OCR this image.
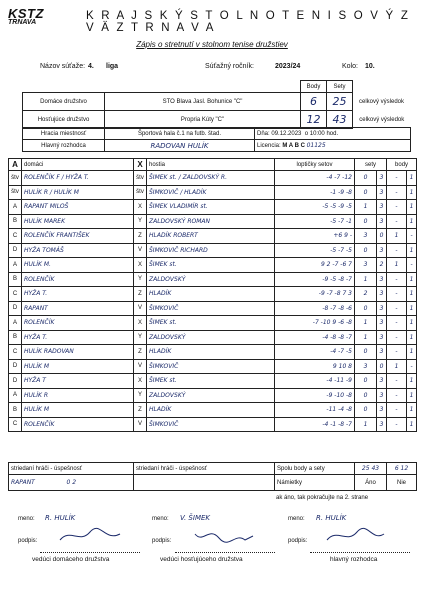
KSTZ
TRNAVA
K R A J S K Ý S T O L N O T E N I S O V Ý Z V Ä Z T R N A V A
Zápis o stretnutí v stolnom tenise družstiev
Názov súťaže: 4. liga	Súťažný ročník:	2023/24	Kolo: 10.
		Body	Sety	
Domáce družstvo	STO Blava Jasl. Bohunice "C"	6	25	celkový výsledok
Hosťujúce družstvo	Propria Kúty "C"	12	43	celkový výsledok
Hracia miestnosť	Športová hala č.1 na futb. štad.	Dňa: 09.12.2023 o 10:00 hod.
Hlavný rozhodca	RADOVAN HULÍK	Licencia: M A B C 01125
A	domáci	X	hostia	loptičky setov	sety		body	
štv	ROLENČÍK F / HYŽA T.	štv	ŠIMEK st. / ZALDOVSKÝ R.	-4 -7 -12	0	3	-	1
štv	HULÍK R / HULÍK M	štv	ŠIMKOVIČ / HLADÍK	-1 -9 -8	0	3	-	1
A	RAPANT MILOŠ	X	ŠIMEK VLADIMÍR st.	-5 -5 -9 -5	1	3	-	1
B	HULÍK MAREK	Y	ZALDOVSKÝ ROMAN	-5 -7 -1	0	3	-	1
C	ROLENČÍK FRANTIŠEK	Z	HLADÍK ROBERT	+6 9 -	3	0	1	-
D	HYŽA TOMÁŠ	V	ŠIMKOVIČ RICHARD	-5 -7 -5	0	3	-	1
A	HULÍK M.	X	ŠIMEK st.	9 2 -7 -6 7	3	2	1	-
B	ROLENČÍK	Y	ZALDOVSKÝ	-9 -5 -8 -7	1	3	-	1
C	HYŽA T.	Z	HLADÍK	-9 -7 -8 7 3	2	3	-	1
D	RAPANT	V	ŠIMKOVIČ	-8 -7 -8 -6	0	3	-	1
A	ROLENČÍK	X	ŠIMEK st.	-7 -10 9 -6 -8	1	3	-	1
B	HYŽA T.	Y	ZALDOVSKÝ	-4 -8 -8 -7	1	3	-	1
C	HULÍK RADOVAN	Z	HLADÍK	-4 -7 -5	0	3	-	1
D	HULÍK M	V	ŠIMKOVIČ	9 10 8	3	0	1	-
D	HYŽA T	X	ŠIMEK st.	-4 -11 -9	0	3	-	1
A	HULÍK R	Y	ZALDOVSKÝ	-9 -10 -8	0	3	-	1
B	HULÍK M	Z	HLADÍK	-11 -4 -8	0	3	-	1
C	ROLENČÍK	V	ŠIMKOVIČ	-4 -1 -8 -7	1	3	-	1
striedaní hráči - úspešnosť	striedaní hráči - úspešnosť	Spolu body a sety	25 43	6 12
RAPANT 0 2		Námietky	Áno	Nie
ak áno, tak pokračujte na 2. strane
meno: R. HULÍK	meno: V. ŠIMEK	meno: R. HULÍK
podpis:	podpis:	podpis:
vedúci domáceho družstva	vedúci hosťujúceho družstva	hlavný rozhodca
